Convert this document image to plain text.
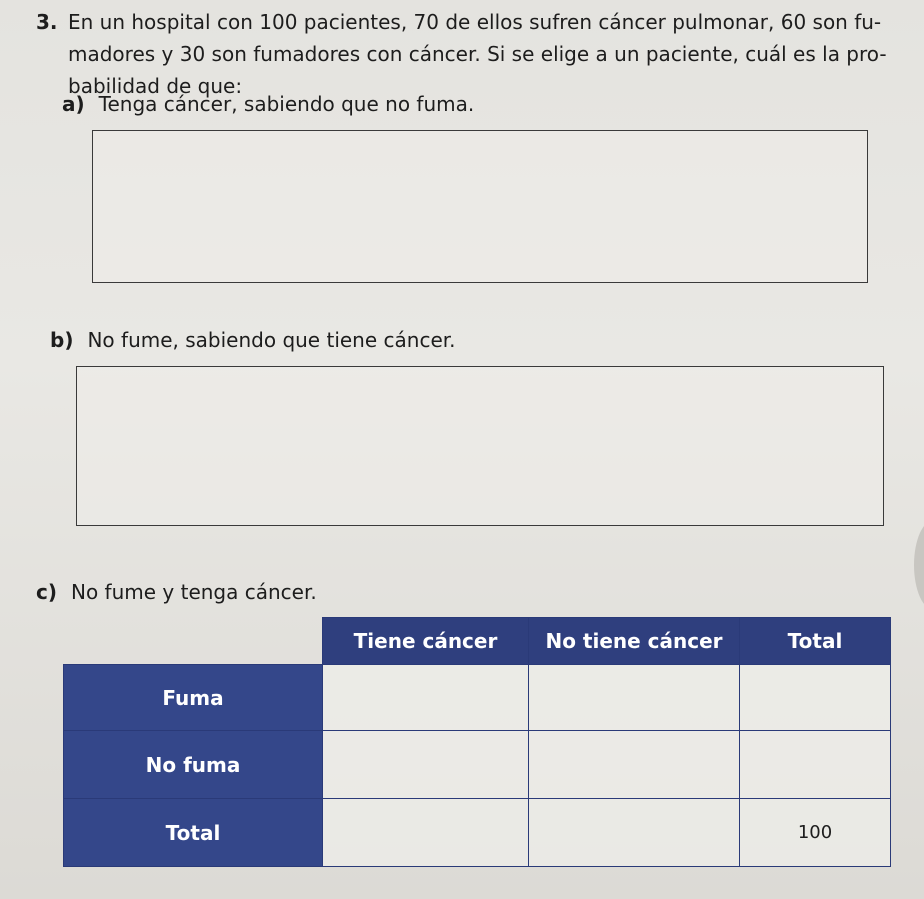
3. En un hospital con 100 pacientes, 70 de ellos sufren cáncer pulmonar, 60 son fu- madores y 30 son fumadores con cáncer. Si se elige a un paciente, cuál es la pro- babilidad de que:
a) Tenga cáncer, sabiendo que no fuma.
b) No fume, sabiendo que tiene cáncer.
c) No fume y tenga cáncer.
	Tiene cáncer	No tiene cáncer	Total
Fuma			
No fuma			
Total			100
